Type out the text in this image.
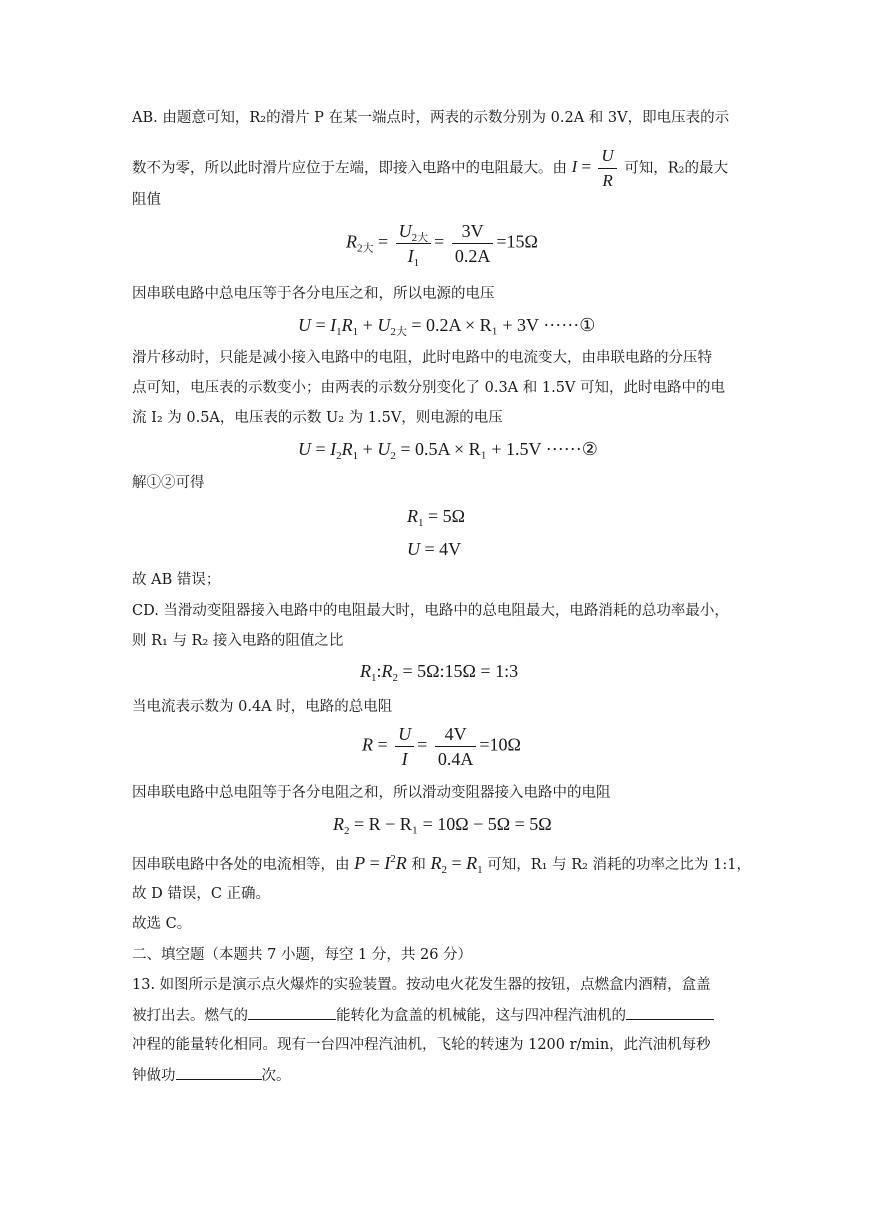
AB. 由题意可知，R₂的滑片 P 在某一端点时，两表的示数分别为 0.2A 和 3V，即电压表的示
数不为零，所以此时滑片应位于左端，即接入电路中的电阻最大。由 $I = \frac{U}{R}$ 可知，R₂的最大
阻值
$R_{2大} = \frac{U_{2大}}{I_1} = \frac{3V}{0.2A} =15\Omega$
因串联电路中总电压等于各分电压之和，所以电源的电压
$U = I_1R_1 + U_{2大} = 0.2A \times R_1 + 3V$ ······①
滑片移动时，只能是减小接入电路中的电阻，此时电路中的电流变大，由串联电路的分压特
点可知，电压表的示数变小；由两表的示数分别变化了 0.3A 和 1.5V 可知，此时电路中的电
流 I₂ 为 0.5A，电压表的示数 U₂ 为 1.5V，则电源的电压
$U = I_2R_1 + U_2 = 0.5A \times R_1 + 1.5V$ ······②
解①②可得
$R_1 = 5\Omega$
U = 4V
故 AB 错误；
CD. 当滑动变阻器接入电路中的电阻最大时，电路中的总电阻最大，电路消耗的总功率最小，
则 R₁ 与 R₂ 接入电路的阻值之比
$R_1:R_2$ = 5Ω:15Ω = 1:3
当电流表示数为 0.4A 时，电路的总电阻
$R = \frac{U}{I} = \frac{4V}{0.4A} =10\Omega$
因串联电路中总电阻等于各分电阻之和，所以滑动变阻器接入电路中的电阻
$R_2 = R - R_1 = 10\Omega - 5\Omega = 5\Omega$
因串联电路中各处的电流相等，由 $P = I^2R$ 和 $R_2 = R_1$ 可知，R₁ 与 R₂ 消耗的功率之比为 1:1，
故 D 错误，C 正确。
故选 C。
二、填空题（本题共 7 小题，每空 1 分，共 26 分）
13. 如图所示是演示点火爆炸的实验装置。按动电火花发生器的按钮，点燃盒内酒精，盒盖
被打出去。燃气的	能转化为盒盖的机械能，这与四冲程汽油机的
冲程的能量转化相同。现有一台四冲程汽油机，飞轮的转速为 1200 r/min，此汽油机每秒
钟做功	次。
